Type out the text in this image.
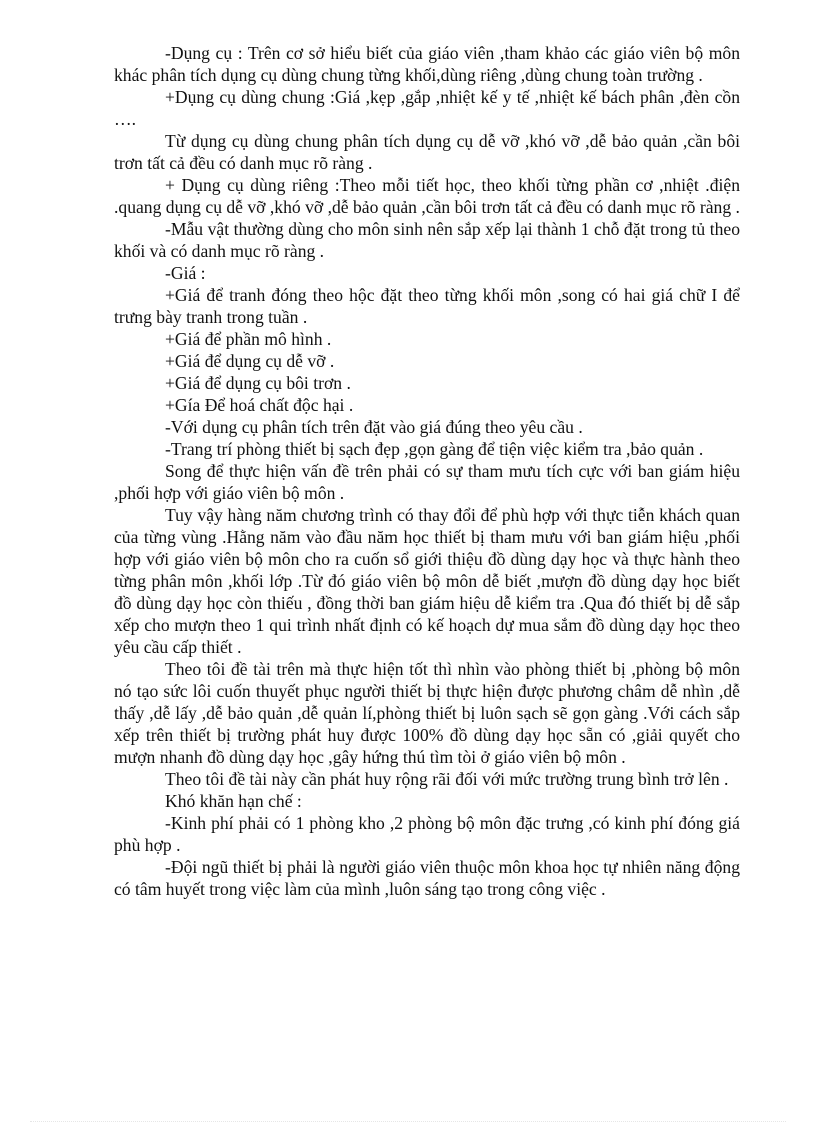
-Dụng cụ : Trên cơ sở hiểu biết của giáo viên ,tham khảo các giáo viên bộ môn khác phân tích dụng cụ dùng chung từng khối,dùng riêng ,dùng chung toàn trường .

+Dụng cụ dùng chung :Giá ,kẹp ,gắp ,nhiệt kế y tế ,nhiệt kế bách phân ,đèn cồn ….

Từ dụng cụ dùng chung phân tích dụng cụ dễ vỡ ,khó vỡ ,dễ bảo quản ,cần bôi trơn tất cả đều có danh mục rõ ràng .

+ Dụng cụ dùng riêng :Theo mỗi tiết học, theo khối từng phần cơ ,nhiệt .điện .quang dụng cụ dễ vỡ ,khó vỡ ,dễ bảo quản ,cần bôi trơn tất cả đều có danh mục rõ ràng .

-Mẫu vật thường dùng cho môn sinh nên sắp xếp lại thành 1 chỗ đặt trong tủ theo khối và có danh mục rõ ràng .

-Giá :

+Giá để tranh đóng theo hộc đặt theo từng khối môn ,song có hai giá chữ I để trưng bày tranh trong tuần .

+Giá để phần mô hình .

+Giá để dụng cụ dễ vỡ .

+Giá để dụng cụ bôi trơn .

+Gía Để hoá chất độc hại .

-Với dụng cụ phân tích trên đặt vào giá đúng theo yêu cầu .

-Trang trí phòng thiết bị sạch đẹp ,gọn gàng để tiện việc kiểm tra ,bảo quản .

Song để thực hiện vấn đề trên phải có sự tham mưu tích cực với ban giám hiệu ,phối hợp với giáo viên bộ môn .

Tuy vậy hàng năm chương trình có thay đổi để phù hợp với thực tiễn khách quan của từng vùng .Hằng năm vào đầu năm học thiết bị tham mưu với ban giám hiệu ,phối hợp với giáo viên bộ môn cho ra cuốn sổ giới thiệu đồ dùng dạy học và thực hành theo từng phân môn ,khối lớp .Từ đó giáo viên bộ môn dễ biết ,mượn đồ dùng dạy học biết đồ dùng dạy học còn thiếu , đồng thời ban giám hiệu dễ kiểm tra .Qua đó thiết bị dễ sắp xếp cho mượn theo 1 qui trình nhất định có kế hoạch dự mua sắm đồ dùng dạy học theo yêu cầu cấp thiết .

Theo tôi đề tài trên mà thực hiện tốt thì nhìn vào phòng thiết bị ,phòng bộ môn nó tạo sức lôi cuốn thuyết phục người thiết bị thực hiện được phương châm dễ nhìn ,dễ thấy ,dễ lấy ,dễ bảo quản ,dễ quản lí,phòng thiết bị luôn sạch sẽ gọn gàng .Với cách sắp xếp trên thiết bị trường phát huy được 100% đồ dùng dạy học sẵn có ,giải quyết cho mượn nhanh đồ dùng dạy học ,gây hứng thú tìm tòi ở giáo viên bộ môn .

Theo tôi đề tài này cần phát huy rộng rãi đối với mức trường trung bình trở lên .

Khó khăn hạn chế :

-Kinh phí phải có 1 phòng kho ,2 phòng bộ môn đặc trưng ,có kinh phí đóng giá phù hợp .

-Đội ngũ thiết bị phải là người giáo viên thuộc môn khoa học tự nhiên năng động có tâm huyết trong việc làm của mình ,luôn sáng tạo trong công việc .
